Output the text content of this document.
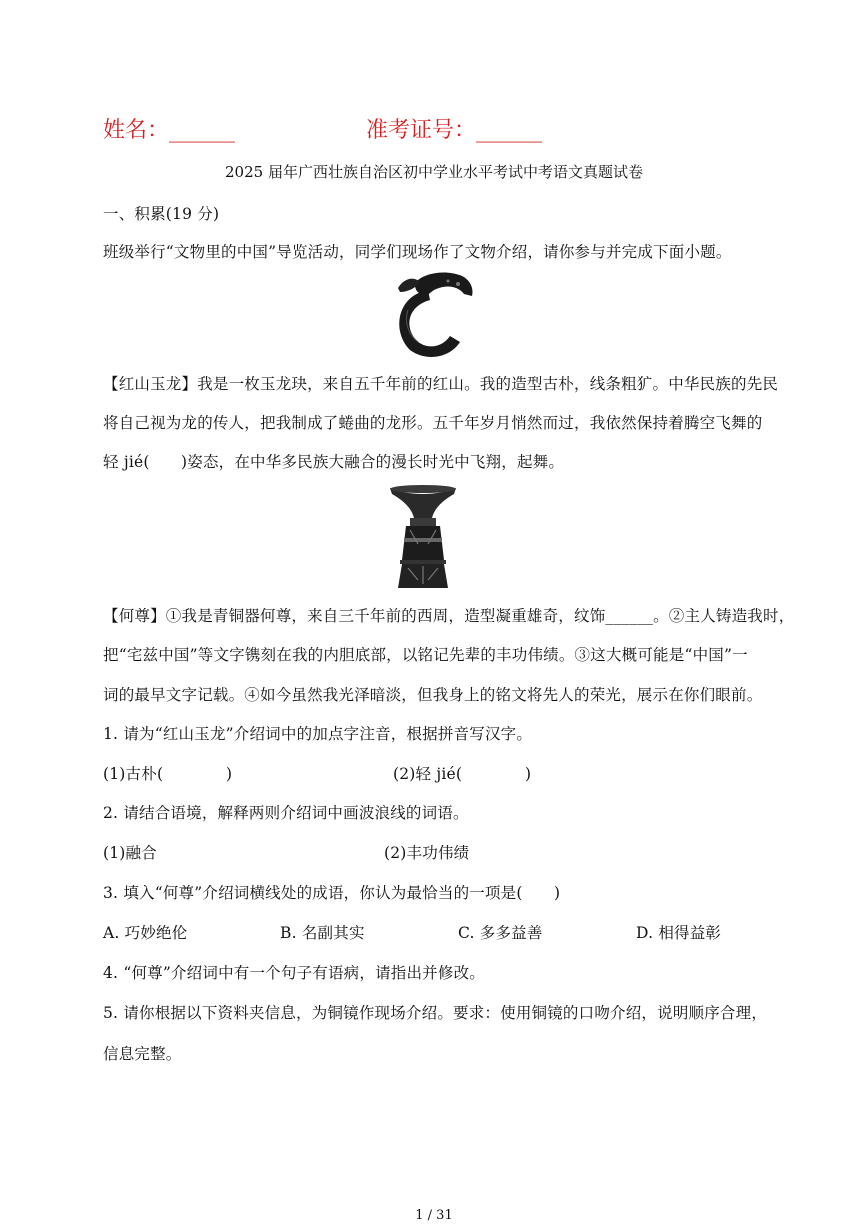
姓名：______	准考证号：______
2025 届年广西壮族自治区初中学业水平考试中考语文真题试卷
一、积累(19 分)
班级举行“文物里的中国”导览活动，同学们现场作了文物介绍，请你参与并完成下面小题。
【红山玉龙】我是一枚玉龙玦，来自五千年前的红山。我的造型古朴，线条粗犷。中华民族的先民
将自己视为龙的传人，把我制成了蜷曲的龙形。五千年岁月悄然而过，我依然保持着腾空飞舞的
轻 jié(　　)姿态，在中华多民族大融合的漫长时光中飞翔，起舞。
【何尊】①我是青铜器何尊，来自三千年前的西周，造型凝重雄奇，纹饰______。②主人铸造我时，
把“宅兹中国”等文字镌刻在我的内胆底部，以铭记先辈的丰功伟绩。③这大概可能是“中国”一
词的最早文字记载。④如今虽然我光泽暗淡，但我身上的铭文将先人的荣光，展示在你们眼前。
1. 请为“红山玉龙”介绍词中的加点字注音，根据拼音写汉字。
(1)古朴(　　　　)	(2)轻 jié(　　　　)
2. 请结合语境，解释两则介绍词中画波浪线的词语。
(1)融合	(2)丰功伟绩
3. 填入“何尊”介绍词横线处的成语，你认为最恰当的一项是(　　)
A. 巧妙绝伦	B. 名副其实	C. 多多益善	D. 相得益彰
4. “何尊”介绍词中有一个句子有语病，请指出并修改。
5. 请你根据以下资料夹信息，为铜镜作现场介绍。要求：使用铜镜的口吻介绍，说明顺序合理，
信息完整。
1 / 31
